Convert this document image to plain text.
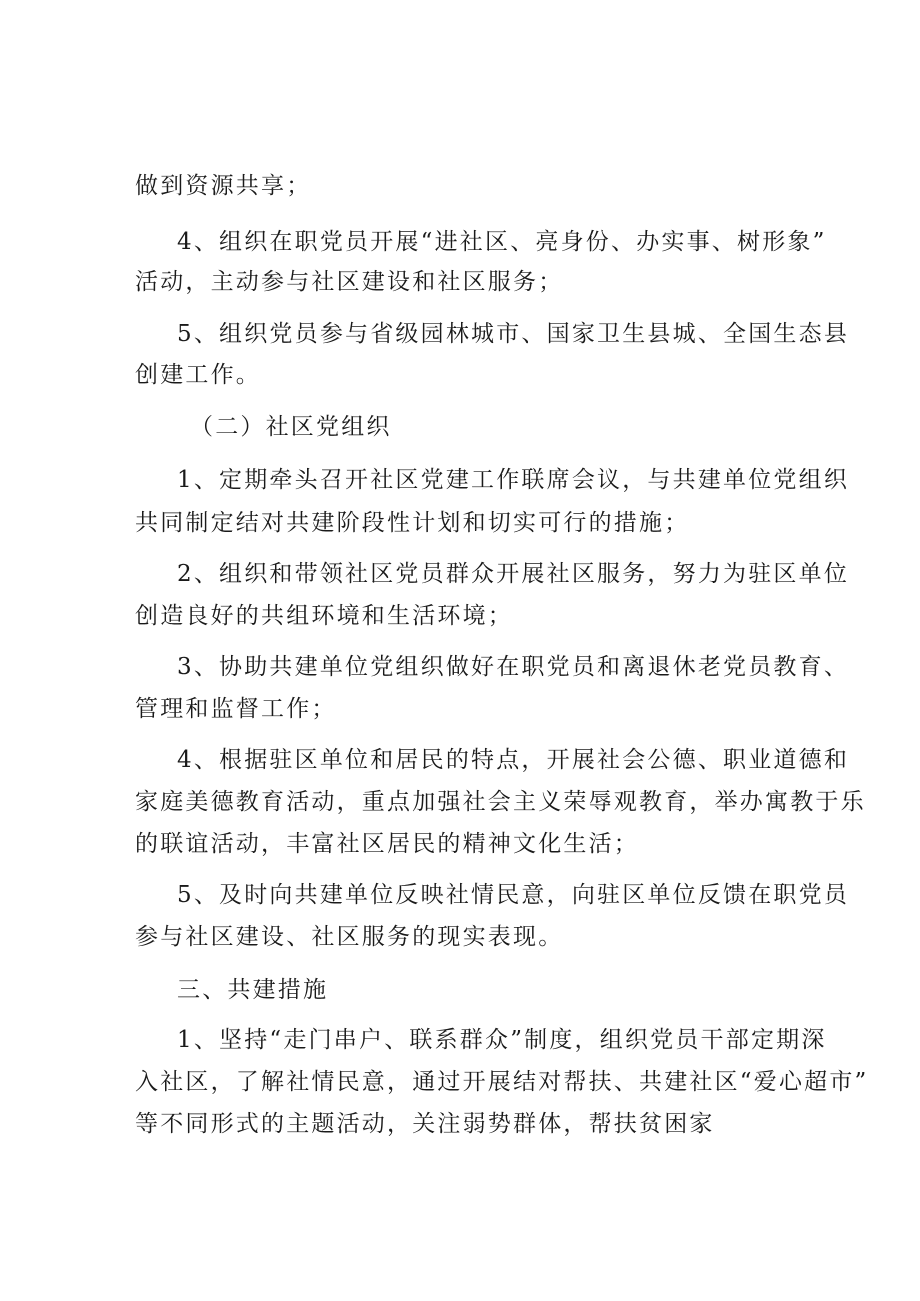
做到资源共享；
4、组织在职党员开展“进社区、亮身份、办实事、树形象”
活动，主动参与社区建设和社区服务；
5、组织党员参与省级园林城市、国家卫生县城、全国生态县
创建工作。
（二）社区党组织
1、定期牵头召开社区党建工作联席会议，与共建单位党组织
共同制定结对共建阶段性计划和切实可行的措施；
2、组织和带领社区党员群众开展社区服务，努力为驻区单位
创造良好的共组环境和生活环境；
3、协助共建单位党组织做好在职党员和离退休老党员教育、
管理和监督工作；
4、根据驻区单位和居民的特点，开展社会公德、职业道德和
家庭美德教育活动，重点加强社会主义荣辱观教育，举办寓教于乐
的联谊活动，丰富社区居民的精神文化生活；
5、及时向共建单位反映社情民意，向驻区单位反馈在职党员
参与社区建设、社区服务的现实表现。
三、共建措施
1、坚持“走门串户、联系群众”制度，组织党员干部定期深
入社区，了解社情民意，通过开展结对帮扶、共建社区“爱心超市”
等不同形式的主题活动，关注弱势群体，帮扶贫困家
